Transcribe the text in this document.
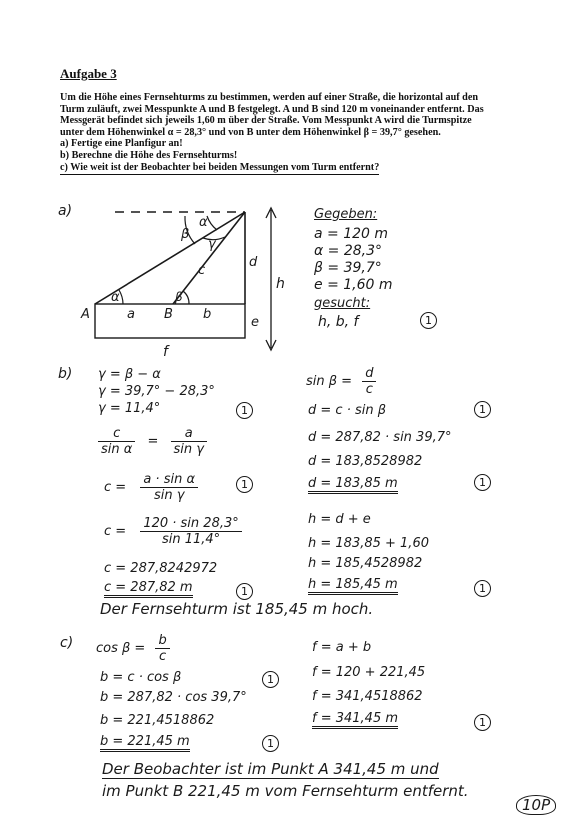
Aufgabe 3

Um die Höhe eines Fernsehturms zu bestimmen, werden auf einer Straße, die horizontal auf den

Turm zuläuft, zwei Messpunkte A und B festgelegt. A und B sind 120 m voneinander entfernt. Das

Messgerät befindet sich jeweils 1,60 m über der Straße. Vom Messpunkt A wird die Turmspitze

unter dem Höhenwinkel α = 28,3° und von B unter dem Höhenwinkel β = 39,7° gesehen.

a) Fertige eine Planfigur an!

b) Berechne die Höhe des Fernsehturms!

c) Wie weit ist der Beobachter bei beiden Messungen vom Turm entfernt?

a)
α	β
γ
β
α
A	B
a	b
c
d
e
h
f
Gegeben:
a = 120 m
α = 28,3°
β = 39,7°
e = 1,60 m
gesucht:
h, b, f	1
b) γ = β − α
γ = 39,7° − 28,3°
γ = 11,4°	1
$\frac{c}{\text{sin α}} = \frac{a}{\text{sin γ}}$
$c = \frac{\text{a · sin α}}{\text{sin γ}}$	1
$c = \frac{120 \cdot \sin 28,3^\circ}{\sin 11,4^\circ}$
c = 287,8242972
c = 287,82 m	1
$\sin \beta = \frac{d}{c}$
d = c · sin β	1
d = 287,82 · sin 39,7°
d = 183,8528982
d = 183,85 m	1
h = d + e
h = 183,85 + 1,60
h = 185,4528982
h = 185,45 m	1
Der Fernsehturm ist 185,45 m hoch.
c) $\cos \beta = \frac{b}{c}$
b = c · cos β	1
b = 287,82 · cos 39,7°
b = 221,4518862
b = 221,45 m	1
f = a + b
f = 120 + 221,45
f = 341,4518862
f = 341,45 m	1
Der Beobachter ist im Punkt A 341,45 m und
im Punkt B 221,45 m vom Fernsehturm entfernt.
10P
